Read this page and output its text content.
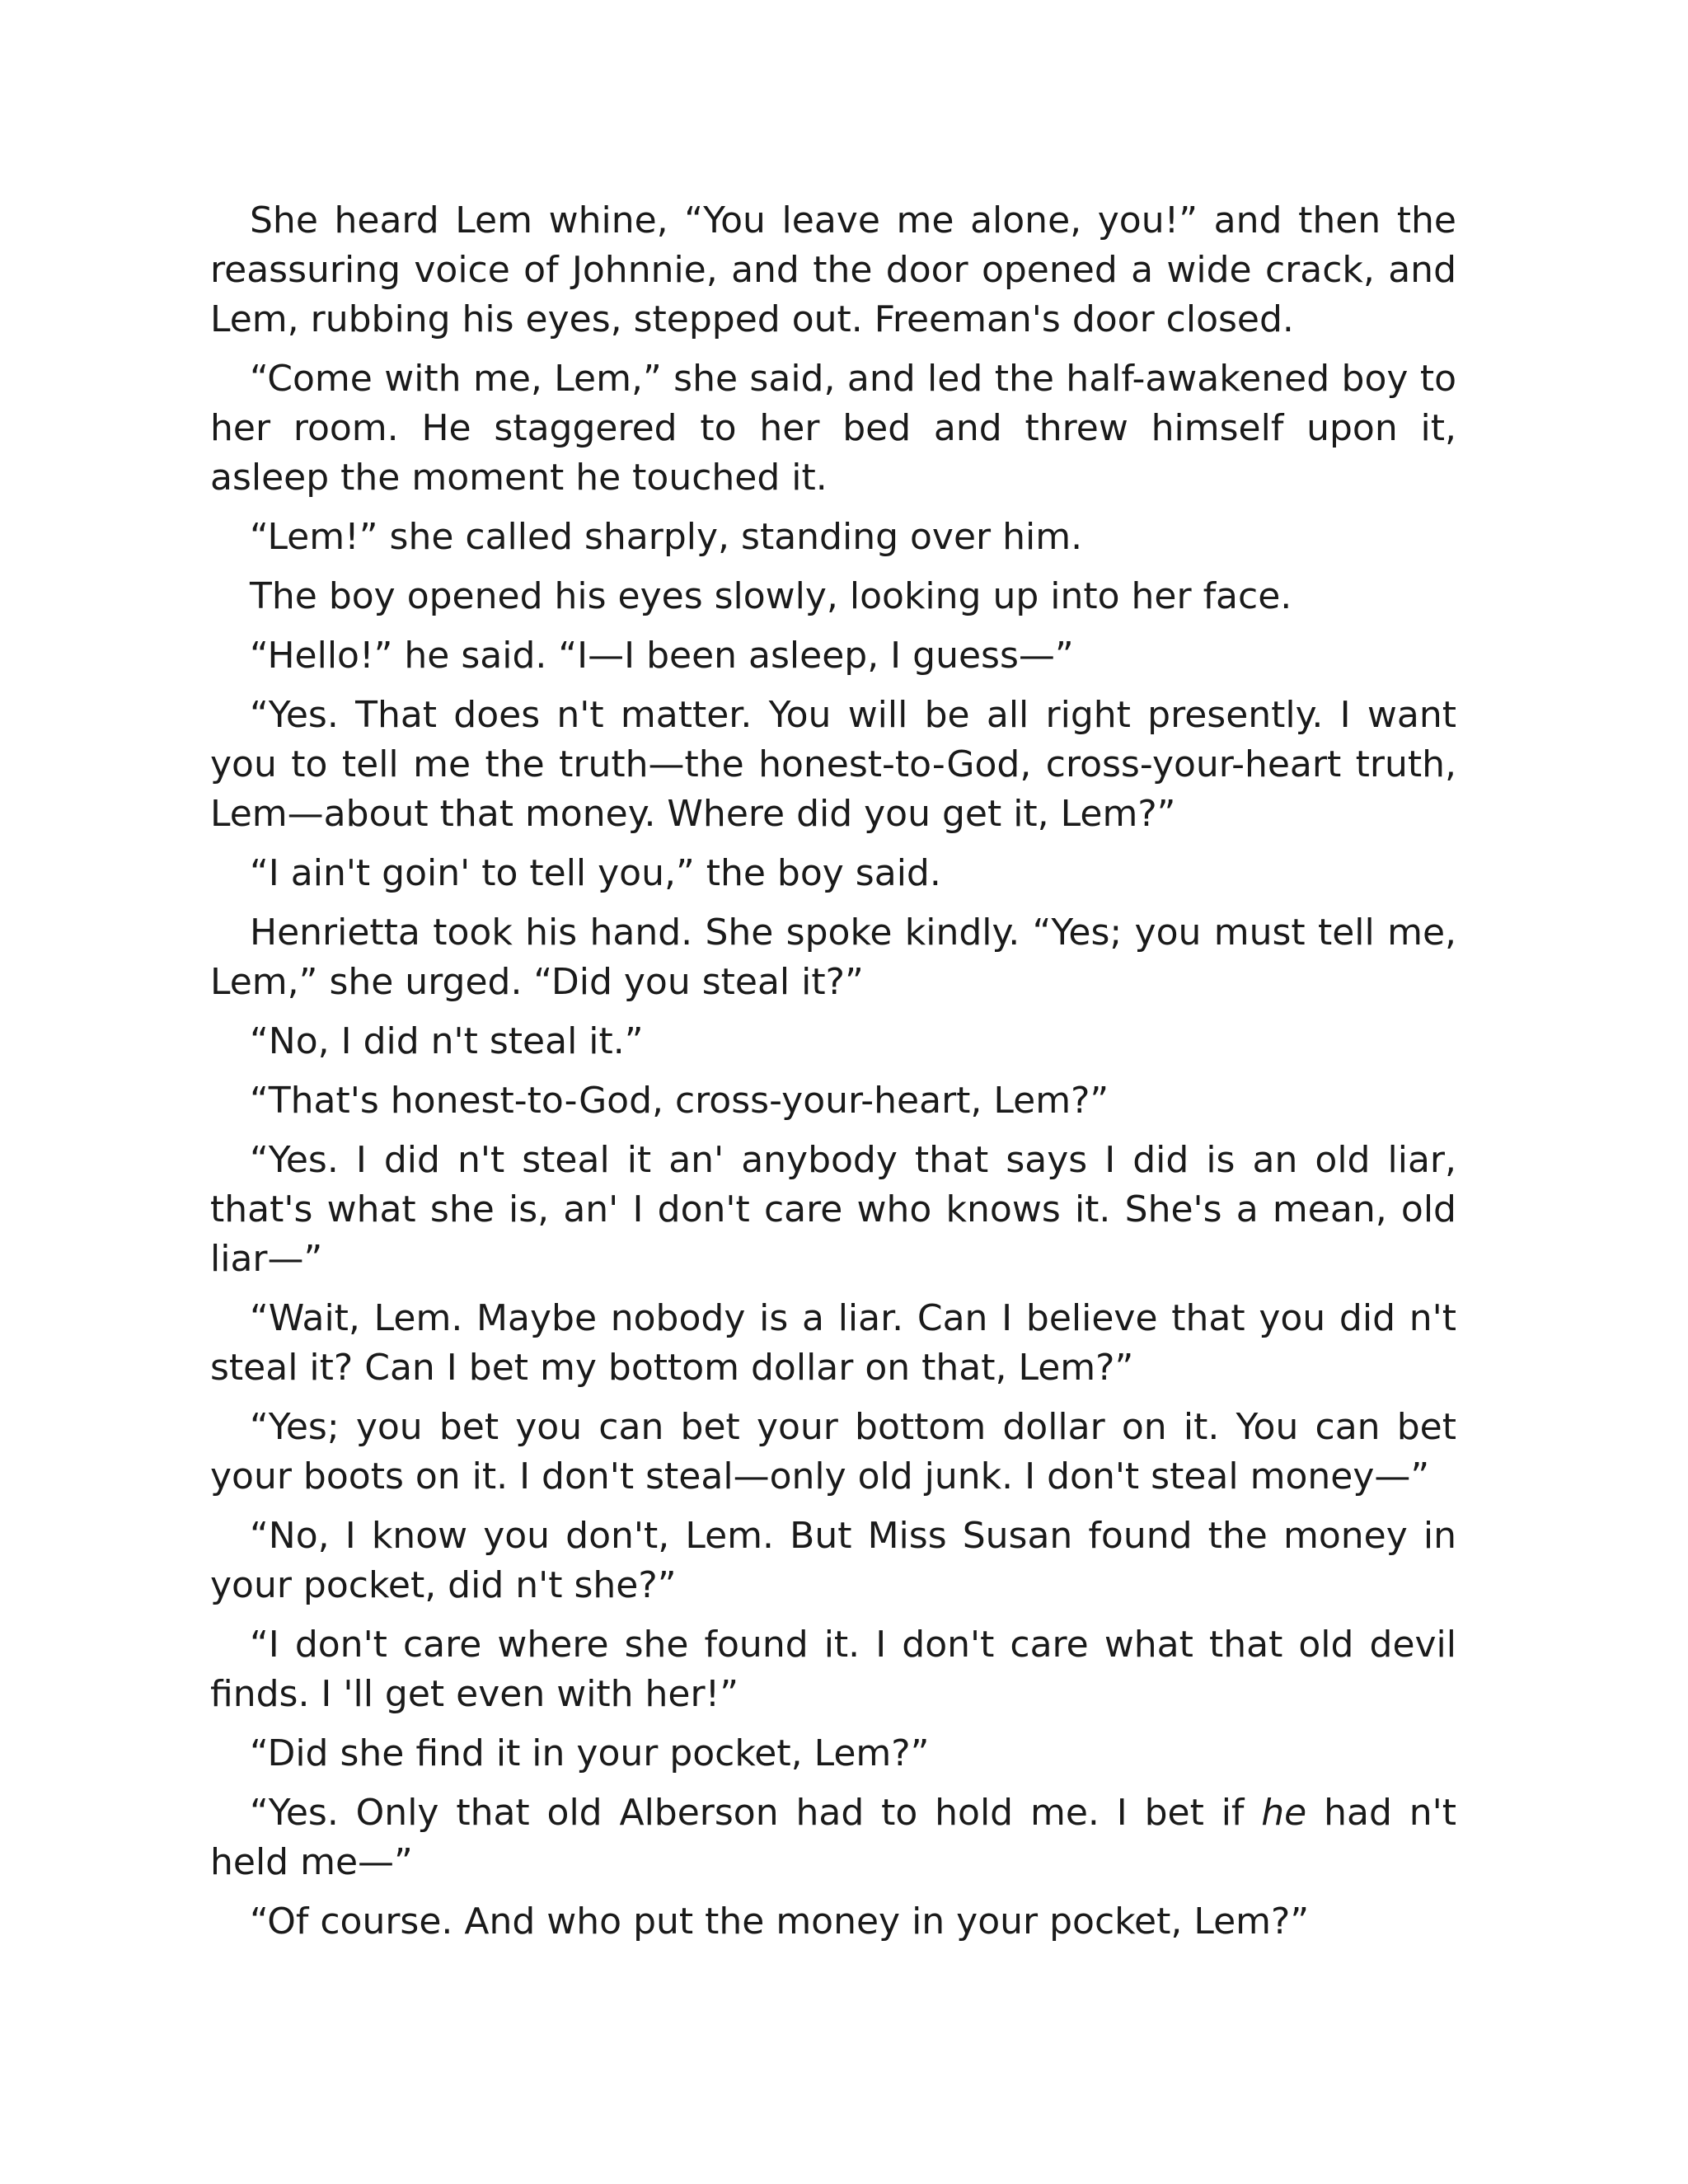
She heard Lem whine, “You leave me alone, you!” and then the reassuring voice of Johnnie, and the door opened a wide crack, and Lem, rubbing his eyes, stepped out. Freeman's door closed.

“Come with me, Lem,” she said, and led the half-awakened boy to her room. He staggered to her bed and threw himself upon it, asleep the moment he touched it.

“Lem!” she called sharply, standing over him.

The boy opened his eyes slowly, looking up into her face.

“Hello!” he said. “I—I been asleep, I guess—”

“Yes. That does n't matter. You will be all right presently. I want you to tell me the truth—the honest-to-God, cross-your-heart truth, Lem—about that money. Where did you get it, Lem?”

“I ain't goin' to tell you,” the boy said.

Henrietta took his hand. She spoke kindly. “Yes; you must tell me, Lem,” she urged. “Did you steal it?”

“No, I did n't steal it.”

“That's honest-to-God, cross-your-heart, Lem?”

“Yes. I did n't steal it an' anybody that says I did is an old liar, that's what she is, an' I don't care who knows it. She's a mean, old liar—”

“Wait, Lem. Maybe nobody is a liar. Can I believe that you did n't steal it? Can I bet my bottom dollar on that, Lem?”

“Yes; you bet you can bet your bottom dollar on it. You can bet your boots on it. I don't steal—only old junk. I don't steal money—”

“No, I know you don't, Lem. But Miss Susan found the money in your pocket, did n't she?”

“I don't care where she found it. I don't care what that old devil finds. I 'll get even with her!”

“Did she find it in your pocket, Lem?”

“Yes. Only that old Alberson had to hold me. I bet if he had n't held me—”

“Of course. And who put the money in your pocket, Lem?”
